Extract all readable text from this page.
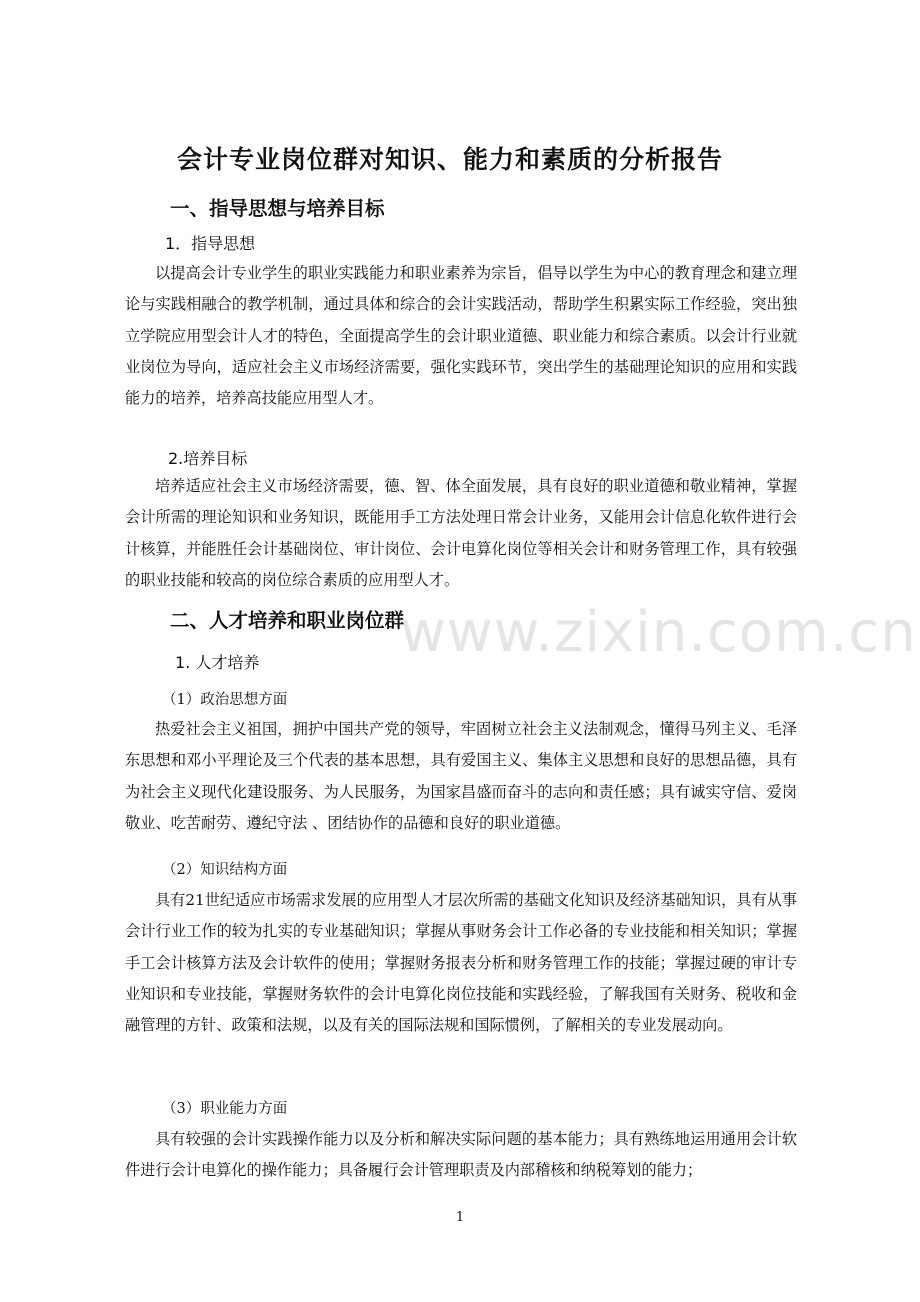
会计专业岗位群对知识、能力和素质的分析报告
一、指导思想与培养目标
1．指导思想

以提高会计专业学生的职业实践能力和职业素养为宗旨，倡导以学生为中心的教育理念和建立理论与实践相融合的教学机制，通过具体和综合的会计实践活动，帮助学生积累实际工作经验，突出独立学院应用型会计人才的特色，全面提高学生的会计职业道德、职业能力和综合素质。以会计行业就业岗位为导向，适应社会主义市场经济需要，强化实践环节，突出学生的基础理论知识的应用和实践能力的培养，培养高技能应用型人才。

2.培养目标

培养适应社会主义市场经济需要，德、智、体全面发展，具有良好的职业道德和敬业精神，掌握会计所需的理论知识和业务知识，既能用手工方法处理日常会计业务，又能用会计信息化软件进行会计核算，并能胜任会计基础岗位、审计岗位、会计电算化岗位等相关会计和财务管理工作，具有较强的职业技能和较高的岗位综合素质的应用型人才。

二、人才培养和职业岗位群
www.zixin.com.cn
1. 人才培养
（1）政治思想方面

热爱社会主义祖国，拥护中国共产党的领导，牢固树立社会主义法制观念，懂得马列主义、毛泽东思想和邓小平理论及三个代表的基本思想，具有爱国主义、集体主义思想和良好的思想品德，具有为社会主义现代化建设服务、为人民服务，为国家昌盛而奋斗的志向和责任感；具有诚实守信、爱岗敬业、吃苦耐劳、遵纪守法 、团结协作的品德和良好的职业道德。

（2）知识结构方面

具有21世纪适应市场需求发展的应用型人才层次所需的基础文化知识及经济基础知识，具有从事会计行业工作的较为扎实的专业基础知识；掌握从事财务会计工作必备的专业技能和相关知识；掌握手工会计核算方法及会计软件的使用；掌握财务报表分析和财务管理工作的技能；掌握过硬的审计专业知识和专业技能，掌握财务软件的会计电算化岗位技能和实践经验，了解我国有关财务、税收和金融管理的方针、政策和法规，以及有关的国际法规和国际惯例，了解相关的专业发展动向。

（3）职业能力方面

具有较强的会计实践操作能力以及分析和解决实际问题的基本能力；具有熟练地运用通用会计软件进行会计电算化的操作能力；具备履行会计管理职责及内部稽核和纳税筹划的能力；

1
